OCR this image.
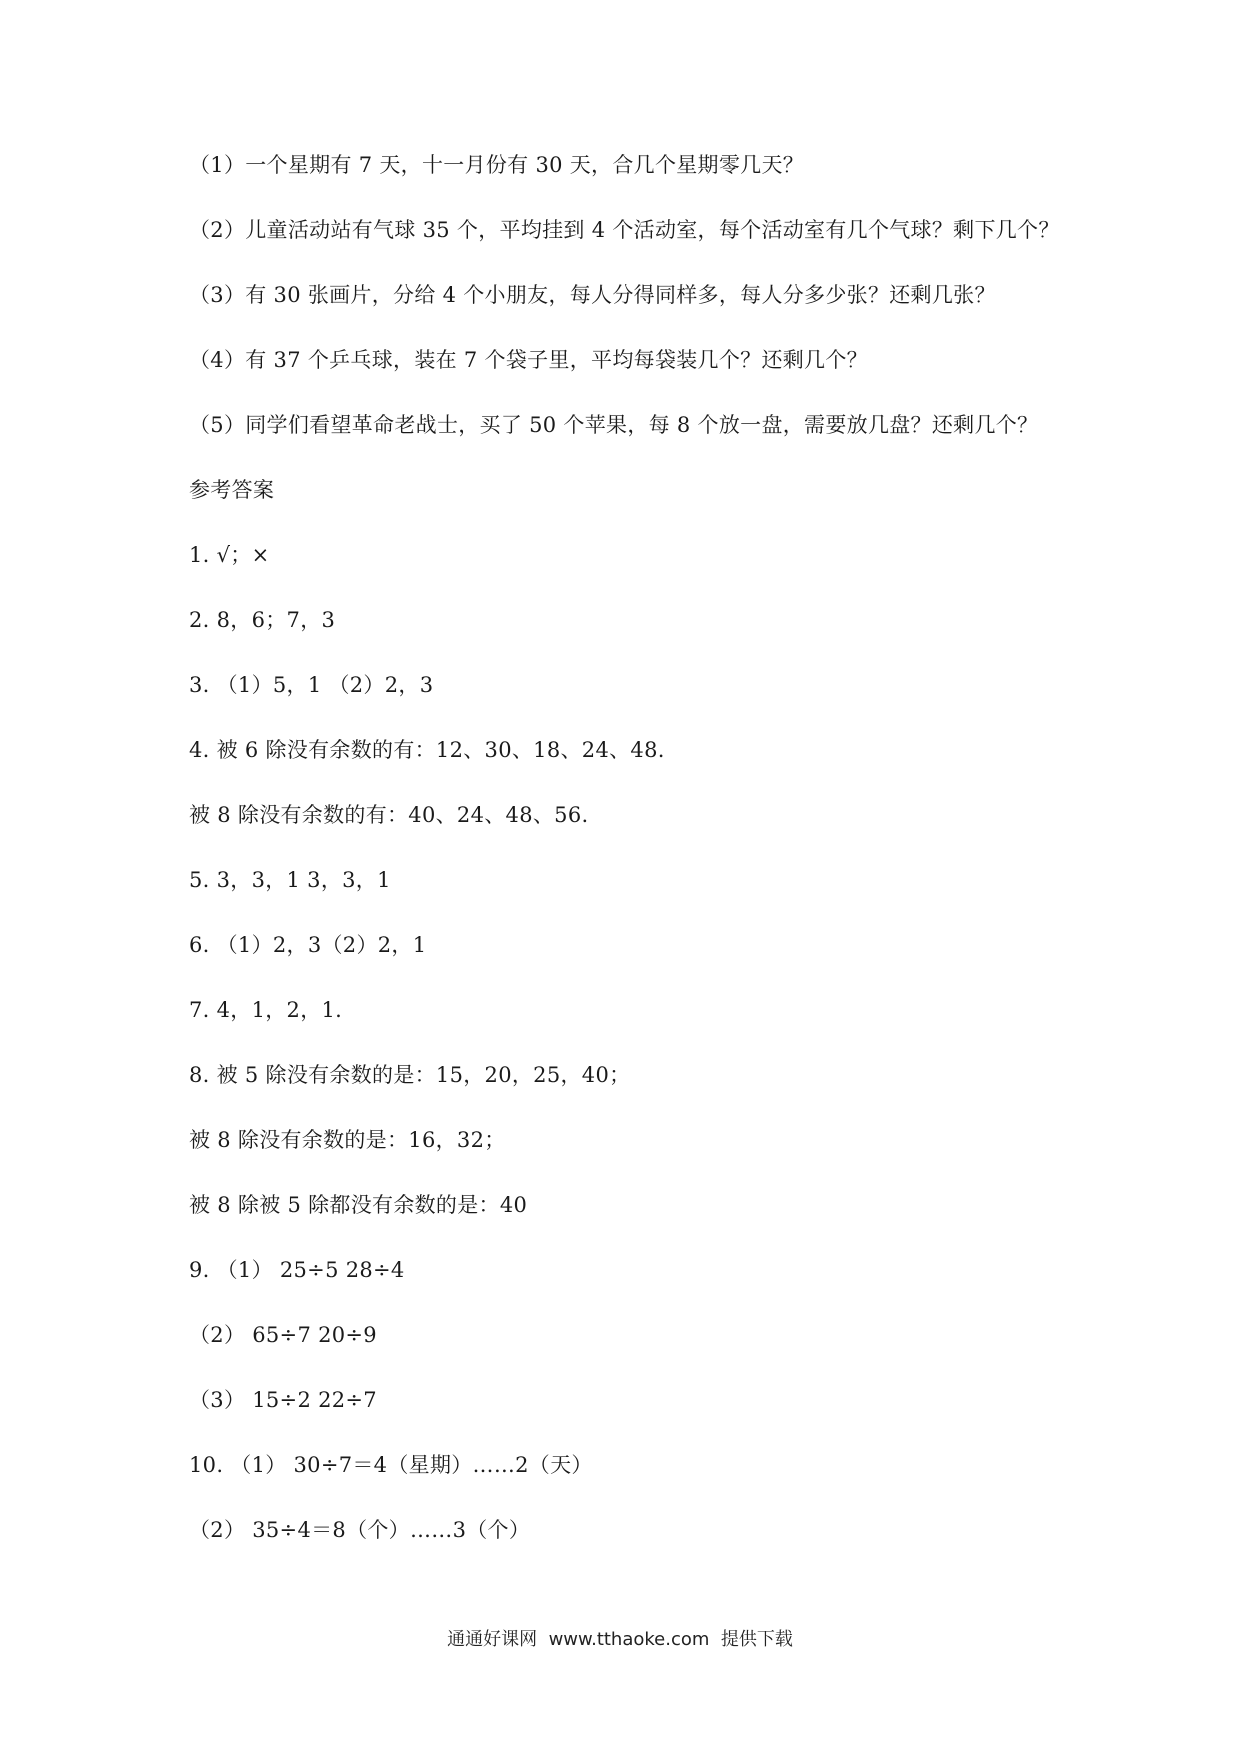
（1）一个星期有 7 天，十一月份有 30 天，合几个星期零几天？
（2）儿童活动站有气球 35 个，平均挂到 4 个活动室，每个活动室有几个气球？剩下几个？
（3）有 30 张画片，分给 4 个小朋友，每人分得同样多，每人分多少张？还剩几张？
（4）有 37 个乒乓球，装在 7 个袋子里，平均每袋装几个？还剩几个？
（5）同学们看望革命老战士，买了 50 个苹果，每 8 个放一盘，需要放几盘？还剩几个？
参考答案
1. √；×
2. 8，6；7，3
3. （1）5，1 （2）2，3
4. 被 6 除没有余数的有：12、30、18、24、48.
被 8 除没有余数的有：40、24、48、56.
5. 3，3，1 3，3，1
6. （1）2，3（2）2，1
7. 4，1，2，1.
8. 被 5 除没有余数的是：15，20，25，40；
被 8 除没有余数的是：16，32；
被 8 除被 5 除都没有余数的是：40
9. （1） 25÷5 28÷4
（2） 65÷7 20÷9
（3） 15÷2 22÷7
10. （1） 30÷7＝4（星期）……2（天）
（2） 35÷4＝8（个）……3（个）
通通好课网  www.tthaoke.com  提供下载
